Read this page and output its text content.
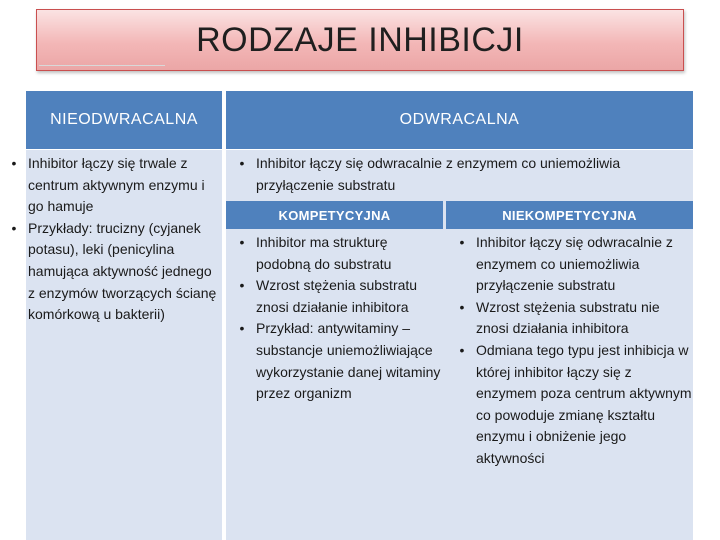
RODZAJE INHIBICJI
NIEODWRACALNA	ODWRACALNA
• Inhibitor łączy się trwale z centrum aktywnym enzymu i go hamuje
• Przykłady: trucizny (cyjanek potasu), leki (penicylina hamująca aktywność jednego z enzymów tworzących ścianę komórkową u bakterii)
• Inhibitor łączy się odwracalnie z enzymem co uniemożliwia przyłączenie substratu
KOMPETYCYJNA	NIEKOMPETYCYJNA
• Inhibitor ma strukturę podobną do substratu
• Wzrost stężenia substratu znosi działanie inhibitora
• Przykład: antywitaminy – substancje uniemożliwiające wykorzystanie danej witaminy przez organizm
• Inhibitor łączy się odwracalnie z enzymem co uniemożliwia przyłączenie substratu
• Wzrost stężenia substratu nie znosi działania inhibitora
• Odmiana tego typu jest inhibicja w której inhibitor łączy się z enzymem poza centrum aktywnym co powoduje zmianę kształtu enzymu i obniżenie jego aktywności
